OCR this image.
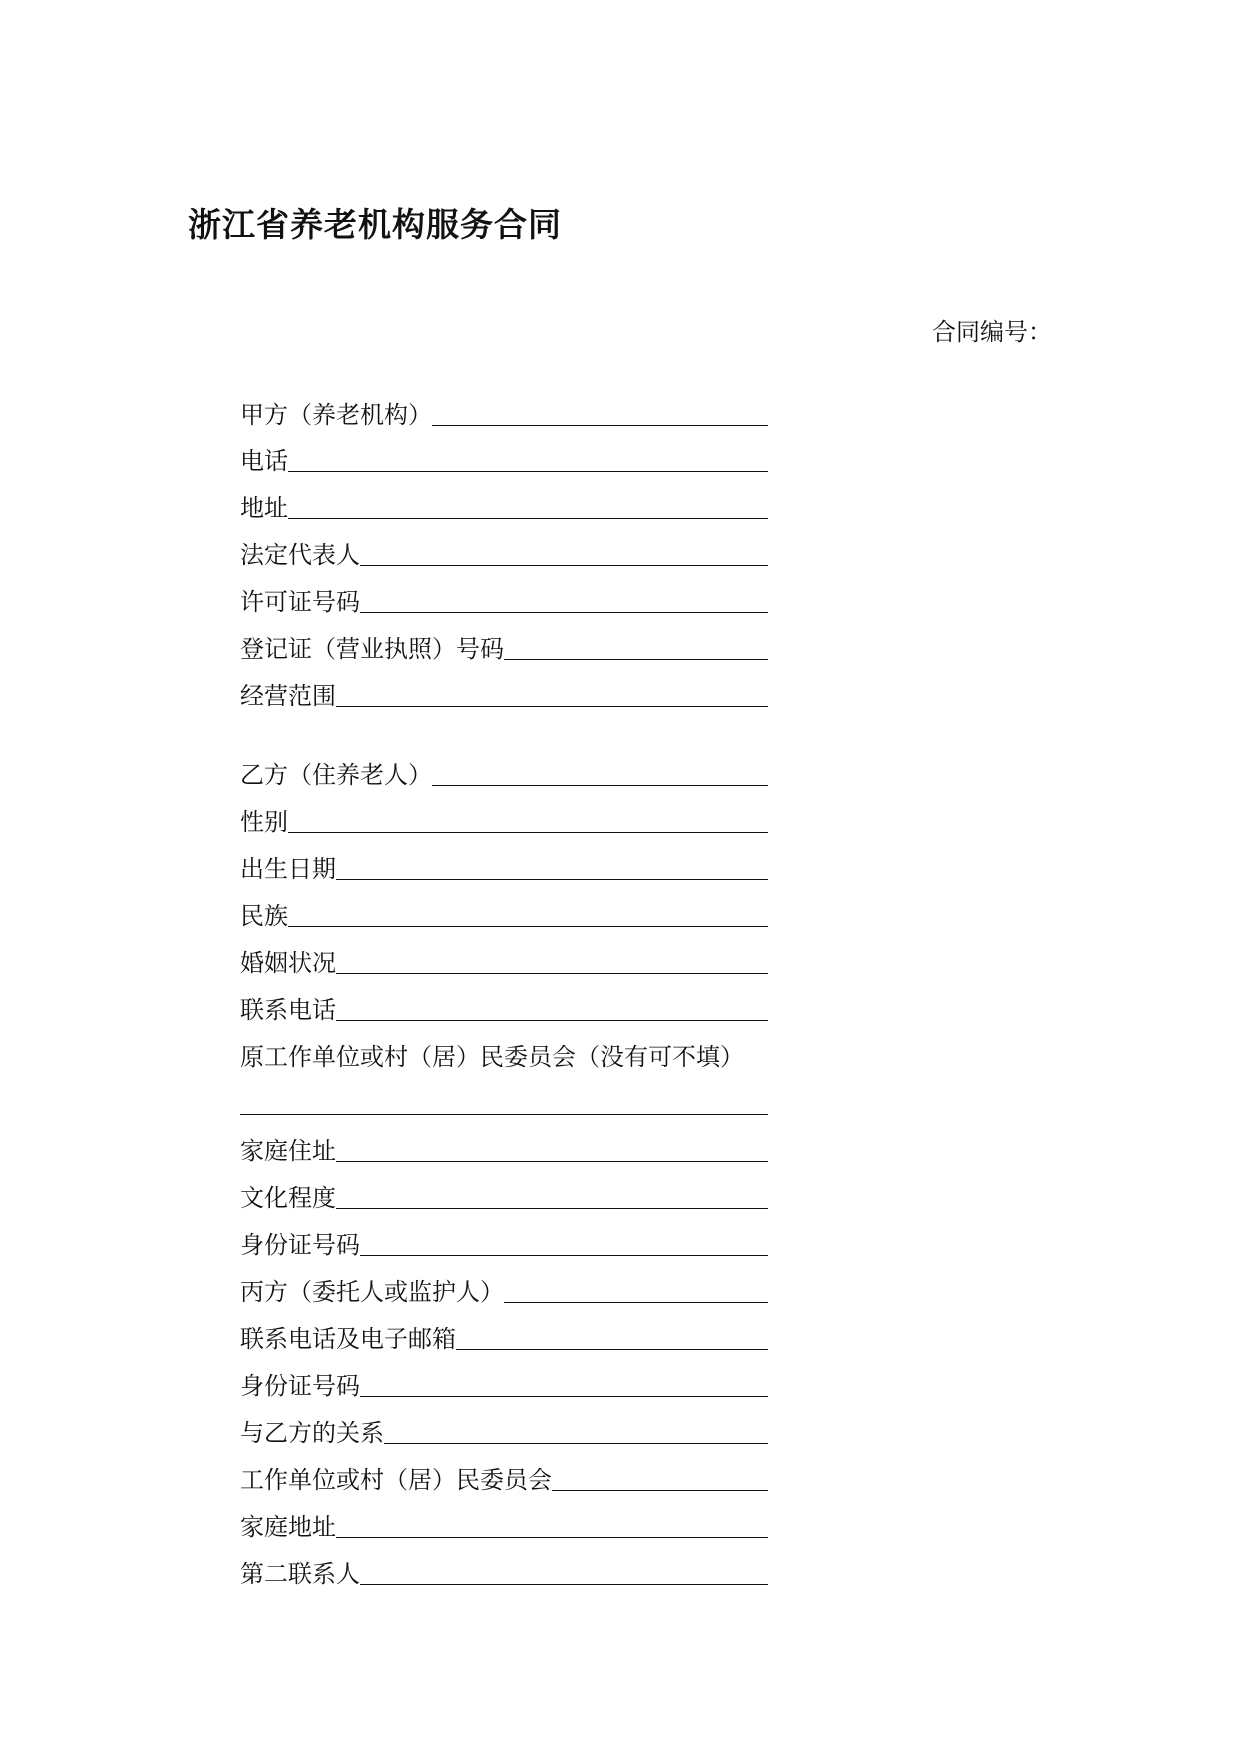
浙江省养老机构服务合同
合同编号：
甲方（养老机构）
电话
地址
法定代表人
许可证号码
登记证（营业执照）号码
经营范围
乙方（住养老人）
性别
出生日期
民族
婚姻状况
联系电话
原工作单位或村（居）民委员会（没有可不填）
家庭住址
文化程度
身份证号码
丙方（委托人或监护人）
联系电话及电子邮箱
身份证号码
与乙方的关系
工作单位或村（居）民委员会
家庭地址
第二联系人
